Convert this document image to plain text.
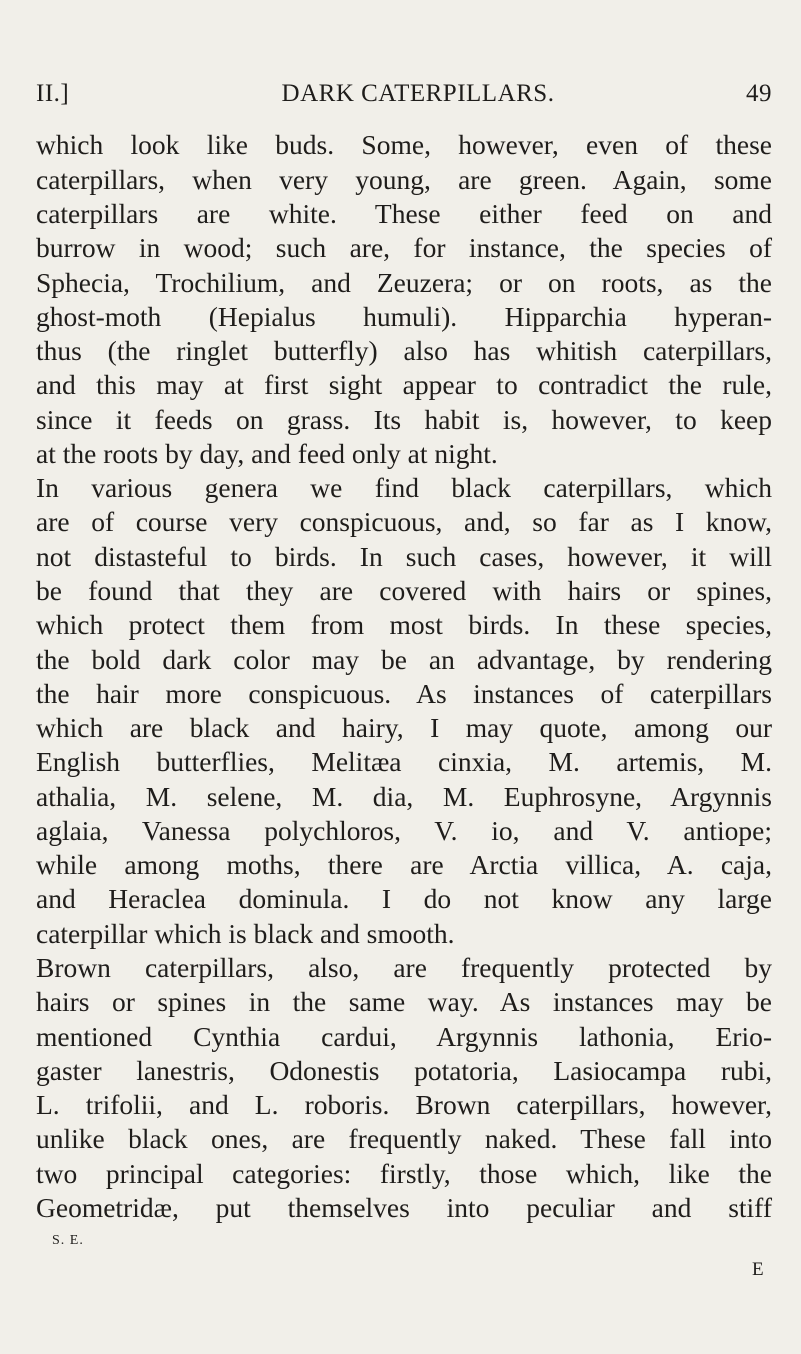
II.]	DARK CATERPILLARS.	49
which look like buds. Some, however, even of these
caterpillars, when very young, are green. Again, some
caterpillars are white. These either feed on and
burrow in wood; such are, for instance, the species of
Sphecia, Trochilium, and Zeuzera; or on roots, as the
ghost-moth (Hepialus humuli). Hipparchia hyperan-
thus (the ringlet butterfly) also has whitish caterpillars,
and this may at first sight appear to contradict the rule,
since it feeds on grass. Its habit is, however, to keep
at the roots by day, and feed only at night.
In various genera we find black caterpillars, which
are of course very conspicuous, and, so far as I know,
not distasteful to birds. In such cases, however, it will
be found that they are covered with hairs or spines,
which protect them from most birds. In these species,
the bold dark color may be an advantage, by rendering
the hair more conspicuous. As instances of caterpillars
which are black and hairy, I may quote, among our
English butterflies, Melitæa cinxia, M. artemis, M.
athalia, M. selene, M. dia, M. Euphrosyne, Argynnis
aglaia, Vanessa polychloros, V. io, and V. antiope;
while among moths, there are Arctia villica, A. caja,
and Heraclea dominula. I do not know any large
caterpillar which is black and smooth.
Brown caterpillars, also, are frequently protected by
hairs or spines in the same way. As instances may be
mentioned Cynthia cardui, Argynnis lathonia, Erio-
gaster lanestris, Odonestis potatoria, Lasiocampa rubi,
L. trifolii, and L. roboris. Brown caterpillars, however,
unlike black ones, are frequently naked. These fall into
two principal categories: firstly, those which, like the
Geometridæ, put themselves into peculiar and stiff
S. E.
E
